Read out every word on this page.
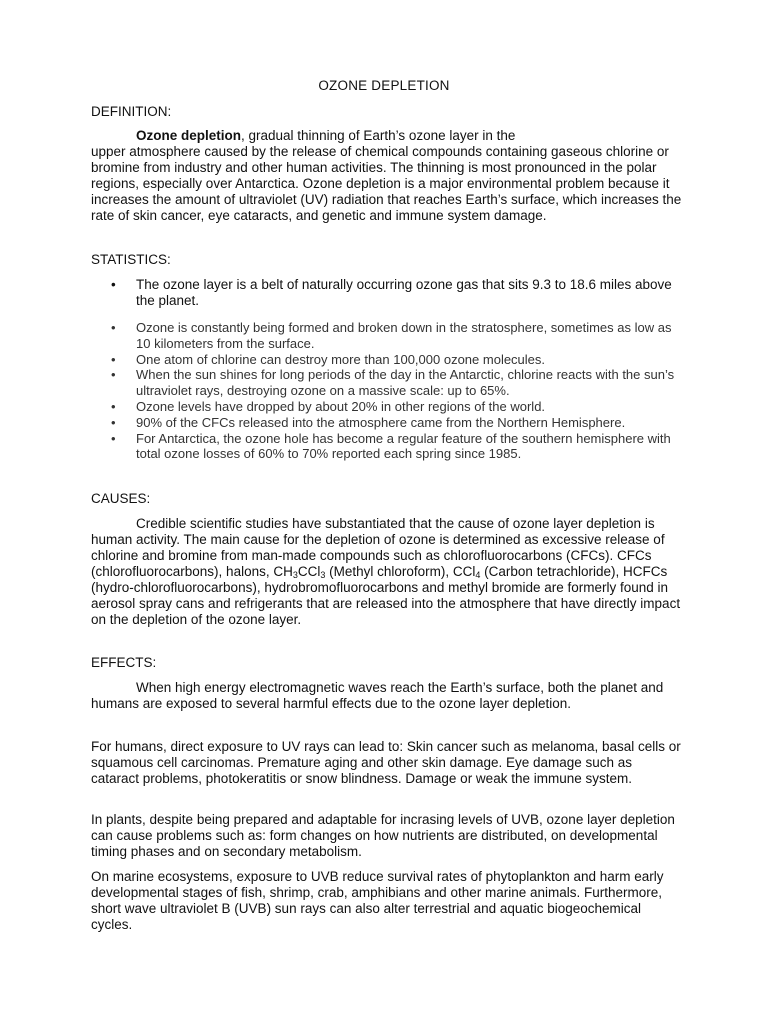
OZONE DEPLETION
DEFINITION:

Ozone depletion, gradual thinning of Earth’s ozone layer in the
upper atmosphere caused by the release of chemical compounds containing gaseous chlorine or bromine from industry and other human activities. The thinning is most pronounced in the polar regions, especially over Antarctica. Ozone depletion is a major environmental problem because it increases the amount of ultraviolet (UV) radiation that reaches Earth’s surface, which increases the rate of skin cancer, eye cataracts, and genetic and immune system damage.

STATISTICS:
• The ozone layer is a belt of naturally occurring ozone gas that sits 9.3 to 18.6 miles above the planet.
• Ozone is constantly being formed and broken down in the stratosphere, sometimes as low as 10 kilometers from the surface.
• One atom of chlorine can destroy more than 100,000 ozone molecules.
• When the sun shines for long periods of the day in the Antarctic, chlorine reacts with the sun’s ultraviolet rays, destroying ozone on a massive scale: up to 65%.
• Ozone levels have dropped by about 20% in other regions of the world.
• 90% of the CFCs released into the atmosphere came from the Northern Hemisphere.
• For Antarctica, the ozone hole has become a regular feature of the southern hemisphere with total ozone losses of 60% to 70% reported each spring since 1985.
CAUSES:

Credible scientific studies have substantiated that the cause of ozone layer depletion is human activity. The main cause for the depletion of ozone is determined as excessive release of chlorine and bromine from man-made compounds such as chlorofluorocarbons (CFCs). CFCs (chlorofluorocarbons), halons, $CH_3CCl_3$ (Methyl chloroform), CCl$_4$ (Carbon tetrachloride), HCFCs (hydro-chlorofluorocarbons), hydrobromofluorocarbons and methyl bromide are formerly found in aerosol spray cans and refrigerants that are released into the atmosphere that have directly impact on the depletion of the ozone layer.

EFFECTS:

When high energy electromagnetic waves reach the Earth’s surface, both the planet and humans are exposed to several harmful effects due to the ozone layer depletion.

For humans, direct exposure to UV rays can lead to: Skin cancer such as melanoma, basal cells or squamous cell carcinomas. Premature aging and other skin damage. Eye damage such as cataract problems, photokeratitis or snow blindness. Damage or weak the immune system.

In plants, despite being prepared and adaptable for incrasing levels of UVB, ozone layer depletion can cause problems such as: form changes on how nutrients are distributed, on developmental timing phases and on secondary metabolism.

On marine ecosystems, exposure to UVB reduce survival rates of phytoplankton and harm early developmental stages of fish, shrimp, crab, amphibians and other marine animals. Furthermore, short wave ultraviolet B (UVB) sun rays can also alter terrestrial and aquatic biogeochemical cycles.
